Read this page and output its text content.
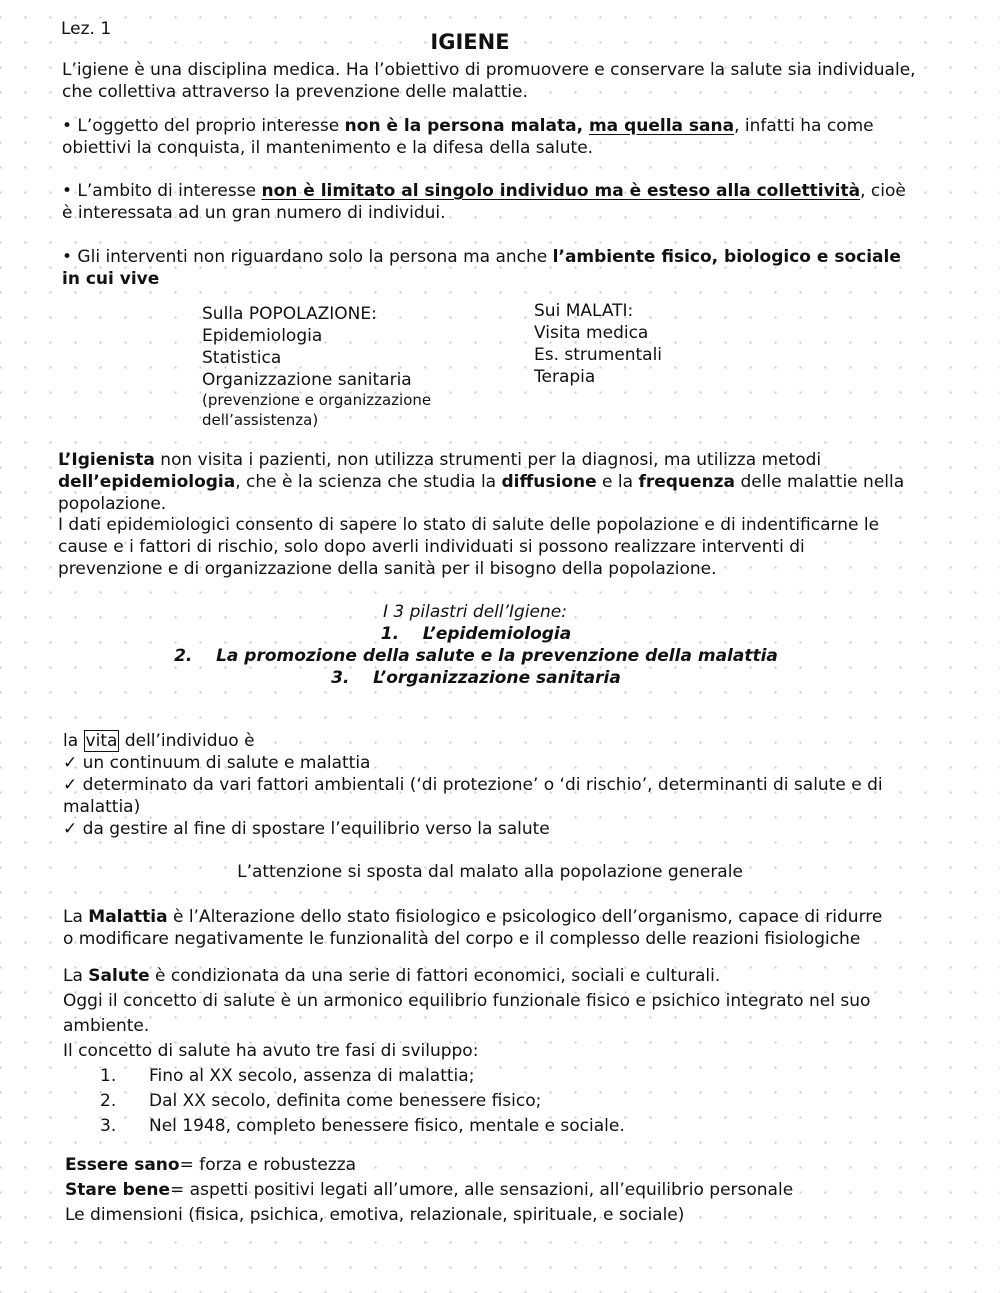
Lez. 1
IGIENE
L’igiene è una disciplina medica. Ha l’obiettivo di promuovere e conservare la salute sia individuale,
che collettiva attraverso la prevenzione delle malattie.
• L’oggetto del proprio interesse non è la persona malata, ma quella sana, infatti ha come
obiettivi la conquista, il mantenimento e la difesa della salute.
• L’ambito di interesse non è limitato al singolo individuo ma è esteso alla collettività, cioè
è interessata ad un gran numero di individui.
• Gli interventi non riguardano solo la persona ma anche l’ambiente fisico, biologico e sociale
in cui vive
Sulla POPOLAZIONE:
Epidemiologia
Statistica
Organizzazione sanitaria
(prevenzione e organizzazione
dell’assistenza)
Sui MALATI:
Visita medica
Es. strumentali
Terapia
L’Igienista non visita i pazienti, non utilizza strumenti per la diagnosi, ma utilizza metodi
dell’epidemiologia, che è la scienza che studia la diffusione e la frequenza delle malattie nella
popolazione.
I dati epidemiologici consento di sapere lo stato di salute delle popolazione e di indentificarne le
cause e i fattori di rischio, solo dopo averli individuati si possono realizzare interventi di
prevenzione e di organizzazione della sanità per il bisogno della popolazione.
I 3 pilastri dell’Igiene:
1. L’epidemiologia
2. La promozione della salute e la prevenzione della malattia
3. L’organizzazione sanitaria
la vita dell’individuo è
✓ un continuum di salute e malattia
✓ determinato da vari fattori ambientali (‘di protezione’ o ‘di rischio’, determinanti di salute e di
malattia)
✓ da gestire al fine di spostare l’equilibrio verso la salute
L’attenzione si sposta dal malato alla popolazione generale
La Malattia è l’Alterazione dello stato fisiologico e psicologico dell’organismo, capace di ridurre
o modificare negativamente le funzionalità del corpo e il complesso delle reazioni fisiologiche
La Salute è condizionata da una serie di fattori economici, sociali e culturali.
Oggi il concetto di salute è un armonico equilibrio funzionale fisico e psichico integrato nel suo
ambiente.
Il concetto di salute ha avuto tre fasi di sviluppo:
1. Fino al XX secolo, assenza di malattia;
2. Dal XX secolo, definita come benessere fisico;
3. Nel 1948, completo benessere fisico, mentale e sociale.
Essere sano= forza e robustezza
Stare bene= aspetti positivi legati all’umore, alle sensazioni, all’equilibrio personale
Le dimensioni (fisica, psichica, emotiva, relazionale, spirituale, e sociale)
